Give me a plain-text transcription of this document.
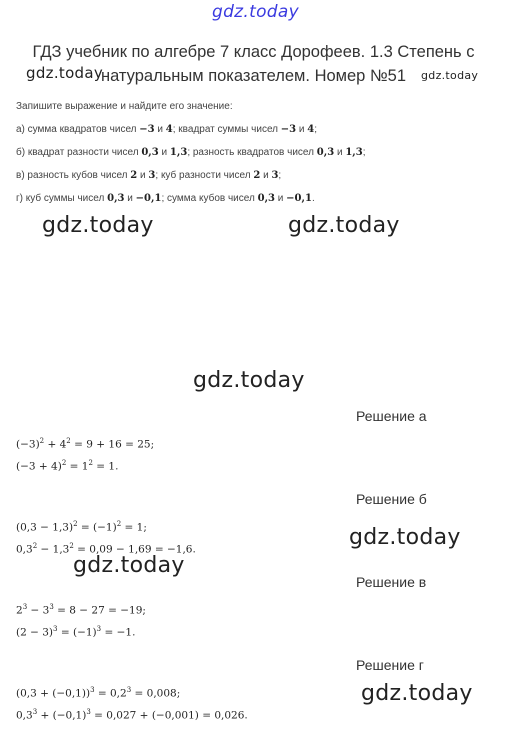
gdz.today
gdz.today	gdz.today
gdz.today	gdz.today
gdz.today
gdz.today
gdz.today
gdz.today
ГДЗ учебник по алгебре 7 класс Дорофеев. 1.3 Степень с
натуральным показателем. Номер №51
Запишите выражение и найдите его значение:
а) сумма квадратов чисел −3 и 4; квадрат суммы чисел −3 и 4;
б) квадрат разности чисел 0,3 и 1,3; разность квадратов чисел 0,3 и 1,3;
в) разность кубов чисел 2 и 3; куб разности чисел 2 и 3;
г) куб суммы чисел 0,3 и −0,1; сумма кубов чисел 0,3 и −0,1.
Решение а
$(-3)^2 + 4^2 = 9 + 16 = 25$;
$(-3 + 4)^2 = 1^2 = 1$.
Решение б
$(0,3 - 1,3)^2 = (-1)^2 = 1$;
$0,3^2 - 1,3^2 = 0,09 - 1,69 = -1,6$.
Решение в
$2^3 - 3^3 = 8 - 27 = -19$;
$(2 - 3)^3 = (-1)^3 = -1$.
Решение г
$(0,3 + (-0,1))^3 = 0,2^3 = 0,008$;
$0,3^3 + (-0,1)^3 = 0,027 + (-0,001) = 0,026$.
